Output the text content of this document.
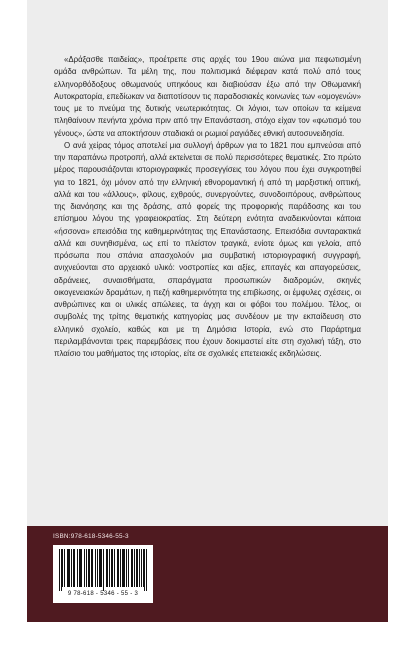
«Δράξασθε παιδείας», προέτρεπε στις αρχές του 19ου αιώνα μια πεφωτισμένη ομάδα ανθρώπων. Τα μέλη της, που πολιτισμικά διέφεραν κατά πολύ από τους ελληνορθόδοξους οθωμανούς υπηκόους και διαβιούσαν έξω από την Οθωμανική Αυτοκρατορία, επεδίωκαν να διαποτίσουν τις παραδοσιακές κοινωνίες των «ομογενών» τους με το πνεύμα της δυτικής νεωτερικότητας. Οι λόγιοι, των οποίων τα κείμενα πληθαίνουν πενήντα χρόνια πριν από την Επανάσταση, στόχο είχαν τον «φωτισμό του γένους», ώστε να αποκτήσουν σταδιακά οι ρωμιοί ραγιάδες εθνική αυτοσυνειδησία.

Ο ανά χείρας τόμος αποτελεί μια συλλογή άρθρων για το 1821 που εμπνεύσαι από την παραπάνω προτροπή, αλλά εκτείνεται σε πολύ περισσότερες θεματικές. Στο πρώτο μέρος παρουσιάζονται ιστοριογραφικές προσεγγίσεις του λόγου που έχει συγκροτηθεί για το 1821, όχι μόνον από την ελληνική εθνορομαντική ή από τη μαρξιστική οπτική, αλλά και του «άλλους», φίλους, εχθρούς, συνεργούντες, συνοδοιπόρους, ανθρώπους της διανόησης και της δράσης, από φορείς της προφορικής παράδοσης και του επίσημου λόγου της γραφειοκρατίας. Στη δεύτερη ενότητα αναδεικνύονται κάποια «ήσσονα» επεισόδια της καθημερινότητας της Επανάστασης. Επεισόδια συνταρακτικά αλλά και συνηθισμένα, ως επί το πλείστον τραγικά, ενίοτε όμως και γελοία, από πρόσωπα που σπάνια απασχολούν μια συμβατική ιστοριογραφική συγγραφή, ανιχνεύονται στο αρχειακό υλικό: νοστροπίες και αξίες, επιταγές και απαγορεύσεις, αδράνειες, συναισθήματα, σπαράγματα προσωπικών διαδρομών, σκηνές οικογενειακών δραμάτων, η πεζή καθημερινότητα της επιβίωσης, οι έμφυλες σχέσεις, οι ανθρώπινες και οι υλικές απώλειες, τα άγχη και οι φόβοι του πολέμου. Τέλος, οι συμβολές της τρίτης θεματικής κατηγορίας μας συνδέουν με την εκπαίδευση στο ελληνικό σχολείο, καθώς και με τη Δημόσια Ιστορία, ενώ στο Παράρτημα περιλαμβάνονται τρεις παρεμβάσεις που έχουν δοκιμαστεί είτε στη σχολική τάξη, στο πλαίσιο του μαθήματος της ιστορίας, είτε σε σχολικές επετειακές εκδηλώσεις.

ISBN:978-618-5346-55-3
9 78-618 - 5346 - 55 - 3
